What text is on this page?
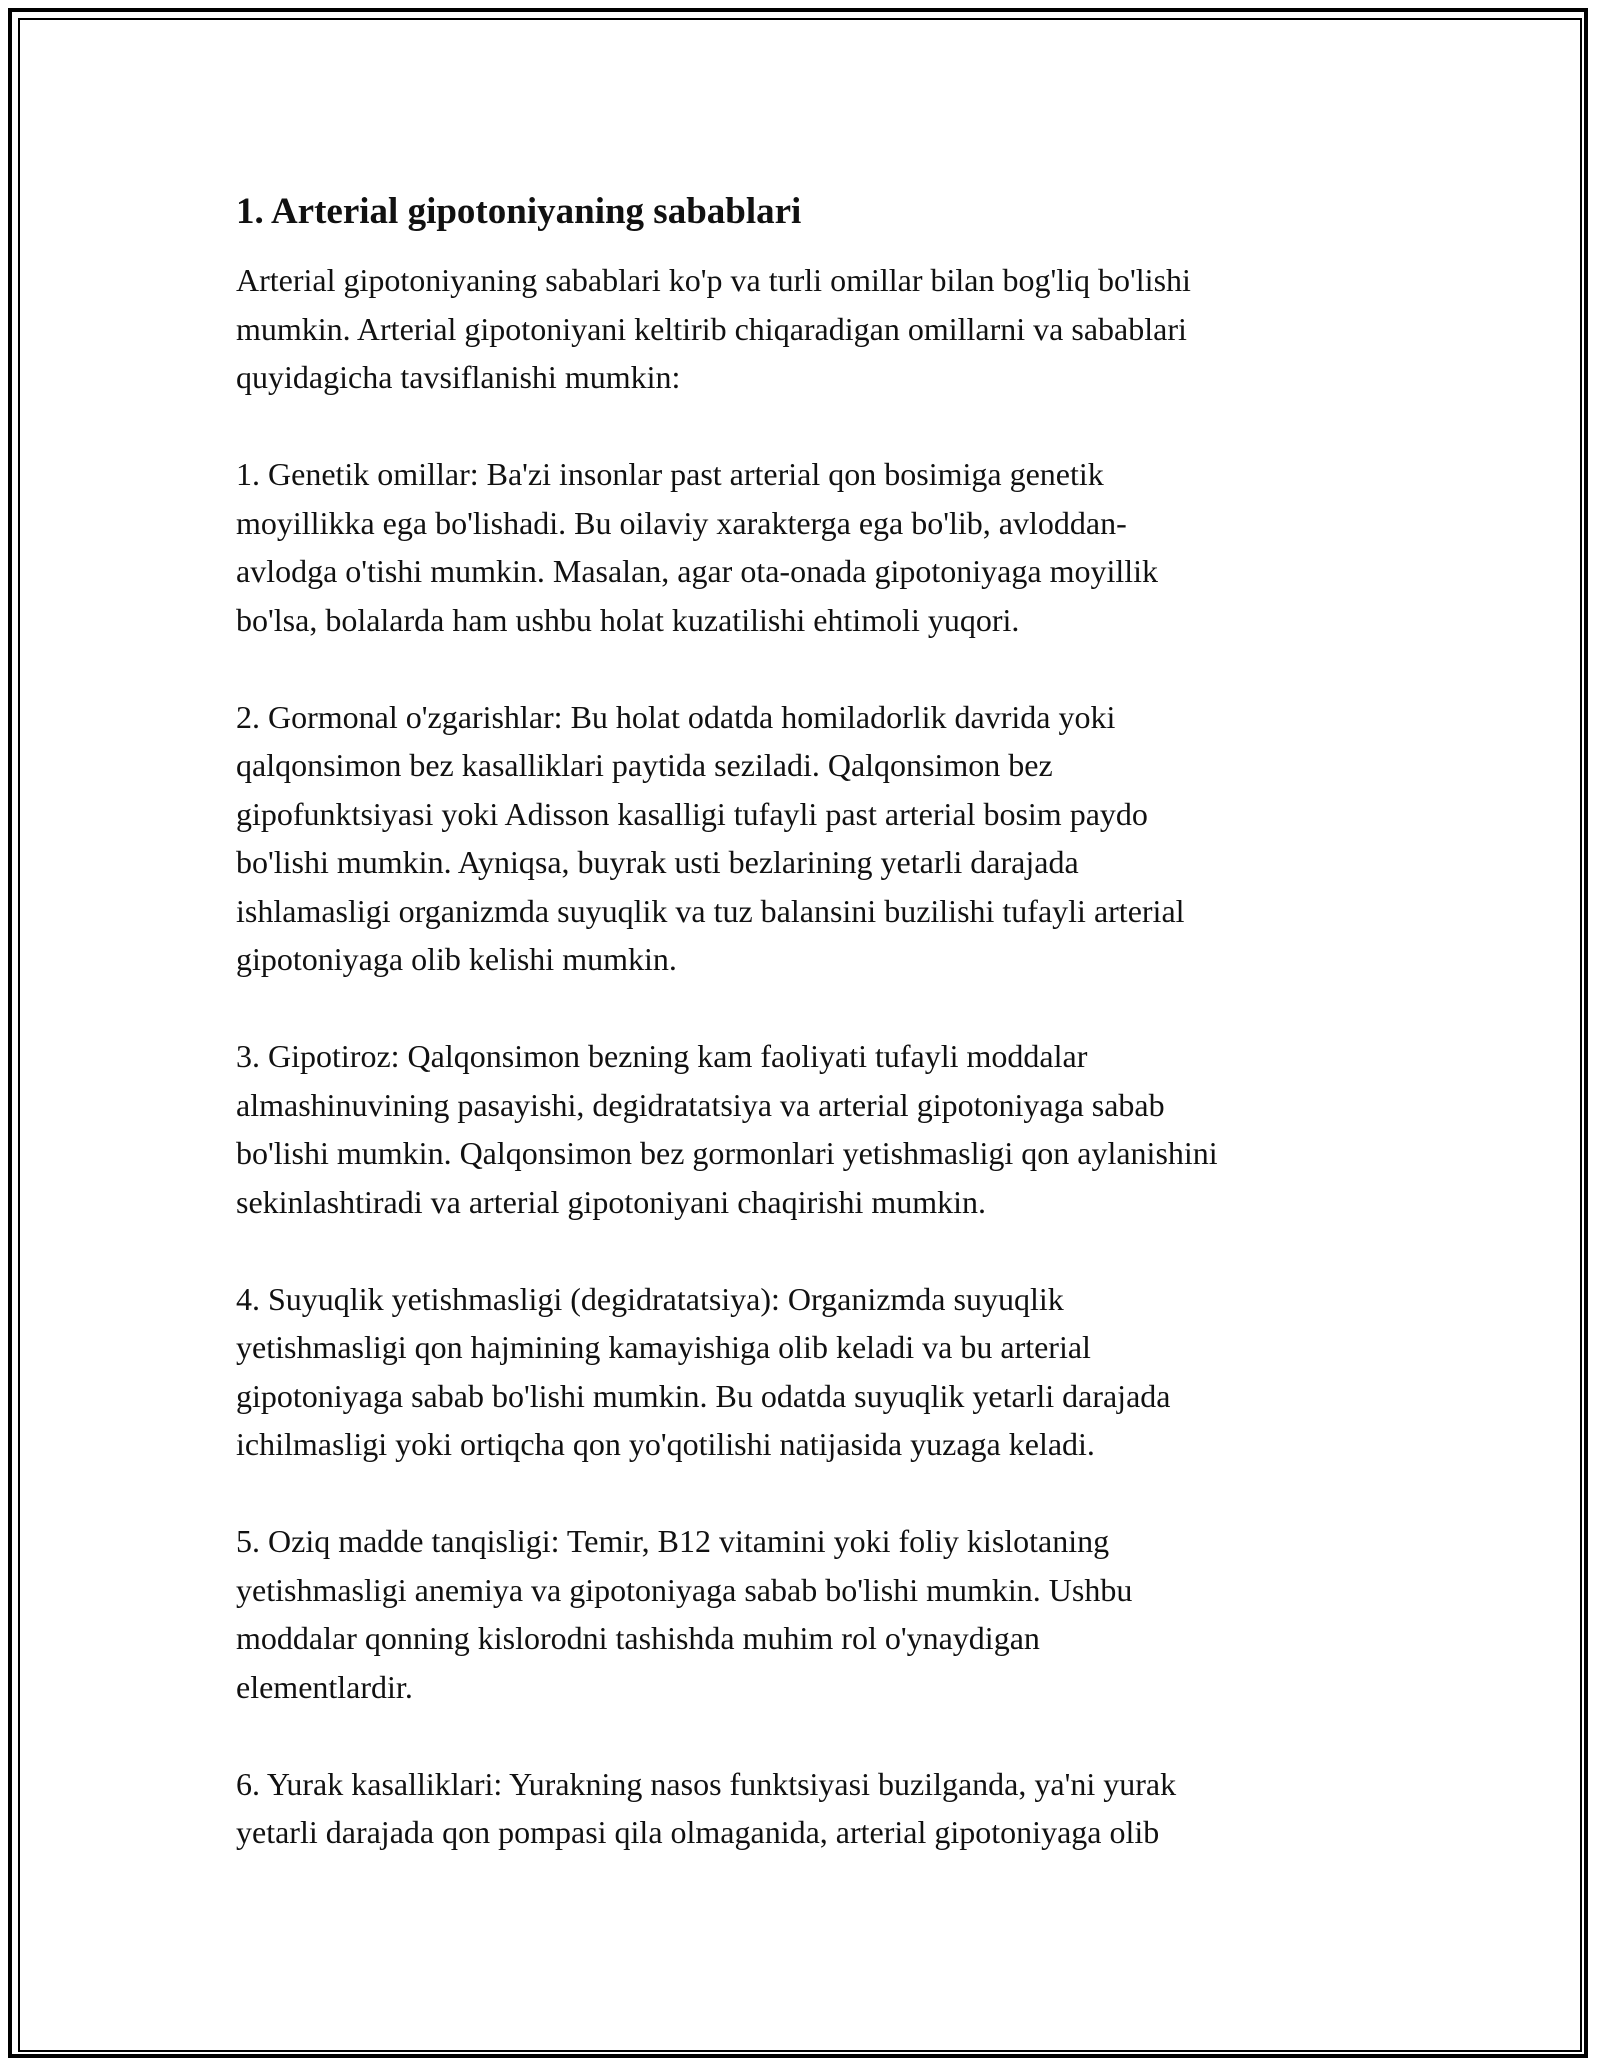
1. Arterial gipotoniyaning sabablari

Arterial gipotoniyaning sabablari ko'p va turli omillar bilan bog'liq bo'lishi
mumkin. Arterial gipotoniyani keltirib chiqaradigan omillarni va sabablari
quyidagicha tavsiflanishi mumkin:

1. Genetik omillar: Ba'zi insonlar past arterial qon bosimiga genetik
moyillikka ega bo'lishadi. Bu oilaviy xarakterga ega bo'lib, avloddan-
avlodga o'tishi mumkin. Masalan, agar ota-onada gipotoniyaga moyillik
bo'lsa, bolalarda ham ushbu holat kuzatilishi ehtimoli yuqori.

2. Gormonal o'zgarishlar: Bu holat odatda homiladorlik davrida yoki
qalqonsimon bez kasalliklari paytida seziladi. Qalqonsimon bez
gipofunktsiyasi yoki Adisson kasalligi tufayli past arterial bosim paydo
bo'lishi mumkin. Ayniqsa, buyrak usti bezlarining yetarli darajada
ishlamasligi organizmda suyuqlik va tuz balansini buzilishi tufayli arterial
gipotoniyaga olib kelishi mumkin.

3. Gipotiroz: Qalqonsimon bezning kam faoliyati tufayli moddalar
almashinuvining pasayishi, degidratatsiya va arterial gipotoniyaga sabab
bo'lishi mumkin. Qalqonsimon bez gormonlari yetishmasligi qon aylanishini
sekinlashtiradi va arterial gipotoniyani chaqirishi mumkin.

4. Suyuqlik yetishmasligi (degidratatsiya): Organizmda suyuqlik
yetishmasligi qon hajmining kamayishiga olib keladi va bu arterial
gipotoniyaga sabab bo'lishi mumkin. Bu odatda suyuqlik yetarli darajada
ichilmasligi yoki ortiqcha qon yo'qotilishi natijasida yuzaga keladi.

5. Oziq madde tanqisligi: Temir, B12 vitamini yoki foliy kislotaning
yetishmasligi anemiya va gipotoniyaga sabab bo'lishi mumkin. Ushbu
moddalar qonning kislorodni tashishda muhim rol o'ynaydigan
elementlardir.

6. Yurak kasalliklari: Yurakning nasos funktsiyasi buzilganda, ya'ni yurak
yetarli darajada qon pompasi qila olmaganida, arterial gipotoniyaga olib
